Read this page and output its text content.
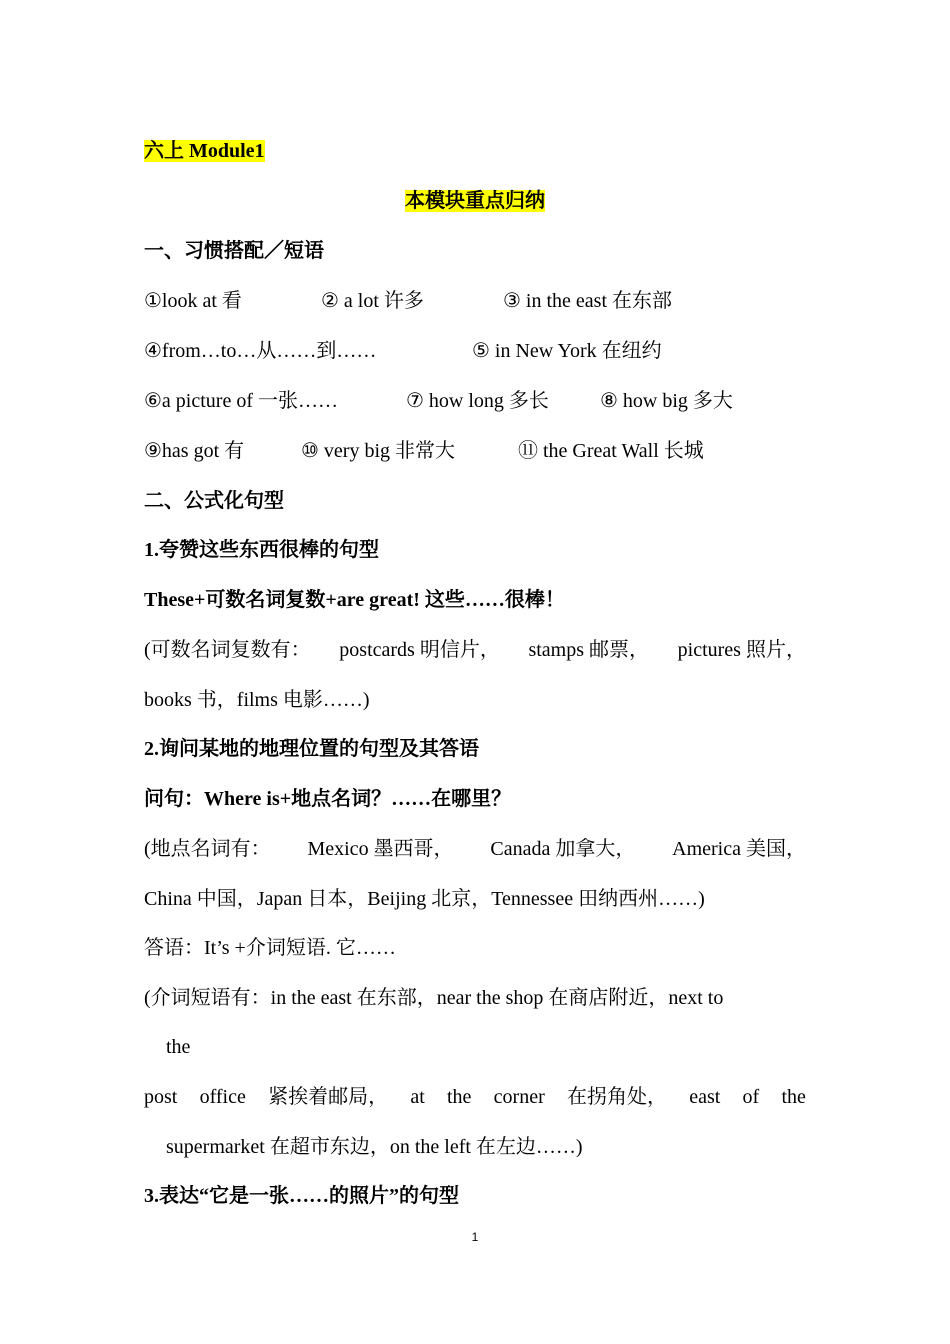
六上 Module1
本模块重点归纳
一、习惯搭配／短语
①look at 看	② a lot 许多	③ in the east 在东部
④from…to…从……到……	⑤ in New York 在纽约
⑥a picture of 一张……	⑦ how long 多长	⑧ how big 多大
⑨has got 有	⑩ very big 非常大	⑪ the Great Wall 长城
二、公式化句型
1.夸赞这些东西很棒的句型
These+可数名词复数+are great! 这些……很棒！
(可数名词复数有： postcards 明信片， stamps 邮票， pictures 照片，
books 书，films 电影……)
2.询问某地的地理位置的句型及其答语
问句：Where is+地点名词？……在哪里？
(地点名词有： Mexico 墨西哥， Canada 加拿大， America 美国，
China 中国，Japan 日本，Beijing 北京，Tennessee 田纳西州……)
答语：It’s +介词短语. 它……
(介词短语有：in the east 在东部，near the shop 在商店附近，next to
the
post office 紧挨着邮局， at the corner 在拐角处， east of the
supermarket 在超市东边，on the left 在左边……)
3.表达“它是一张……的照片”的句型
1
